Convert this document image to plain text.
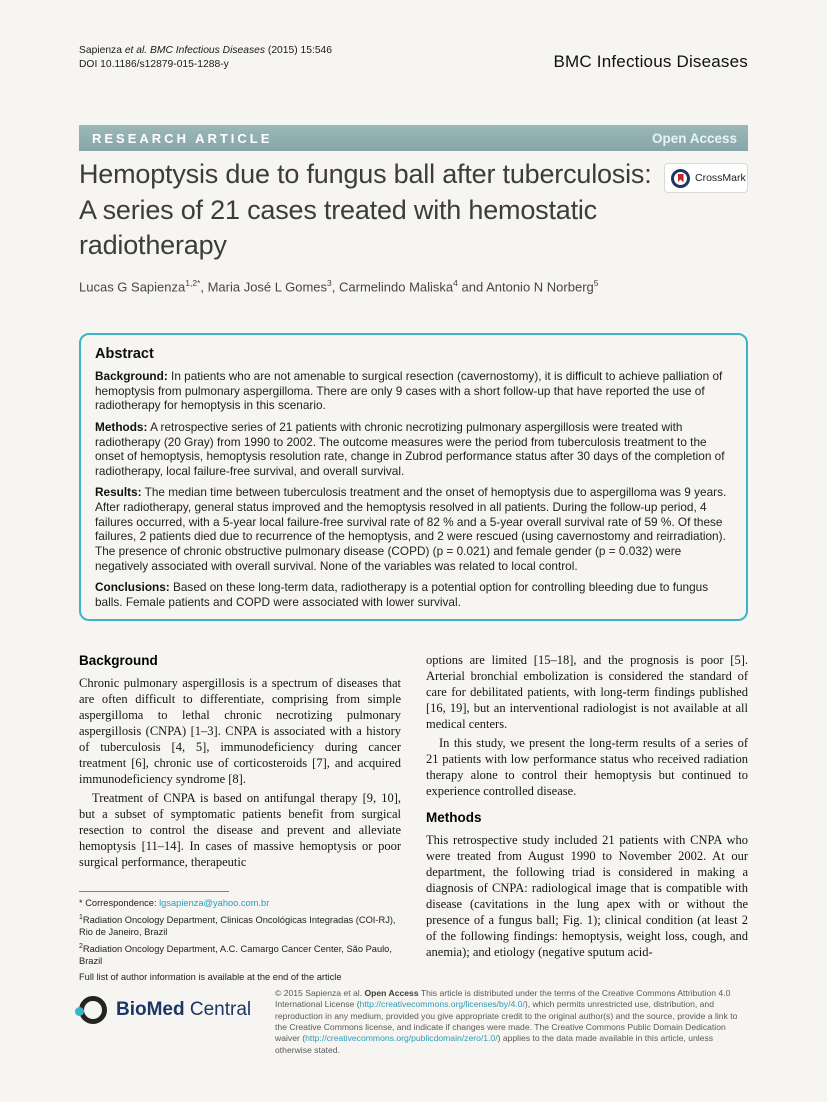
Sapienza et al. BMC Infectious Diseases (2015) 15:546
DOI 10.1186/s12879-015-1288-y	BMC Infectious Diseases
RESEARCH ARTICLE	Open Access
Hemoptysis due to fungus ball after tuberculosis: A series of 21 cases treated with hemostatic radiotherapy
CrossMark

Lucas G Sapienza$^{1,2*}$, Maria José L Gomes$^3$, Carmelindo Maliska$^4$ and Antonio N Norberg$^5$

Abstract

Background: In patients who are not amenable to surgical resection (cavernostomy), it is difficult to achieve palliation of hemoptysis from pulmonary aspergilloma. There are only 9 cases with a short follow-up that have reported the use of radiotherapy for hemoptysis in this scenario.

Methods: A retrospective series of 21 patients with chronic necrotizing pulmonary aspergillosis were treated with radiotherapy (20 Gray) from 1990 to 2002. The outcome measures were the period from tuberculosis treatment to the onset of hemoptysis, hemoptysis resolution rate, change in Zubrod performance status after 30 days of the completion of radiotherapy, local failure-free survival, and overall survival.

Results: The median time between tuberculosis treatment and the onset of hemoptysis due to aspergilloma was 9 years. After radiotherapy, general status improved and the hemoptysis resolved in all patients. During the follow-up period, 4 failures occurred, with a 5-year local failure-free survival rate of 82 % and a 5-year overall survival rate of 59 %. Of these failures, 2 patients died due to recurrence of the hemoptysis, and 2 were rescued (using cavernostomy and reirradiation). The presence of chronic obstructive pulmonary disease (COPD) (p = 0.021) and female gender (p = 0.032) were negatively associated with overall survival. None of the variables was related to local control.

Conclusions: Based on these long-term data, radiotherapy is a potential option for controlling bleeding due to fungus balls. Female patients and COPD were associated with lower survival.

Background

Chronic pulmonary aspergillosis is a spectrum of diseases that are often difficult to differentiate, comprising from simple aspergilloma to lethal chronic necrotizing pulmonary aspergillosis (CNPA) [1–3]. CNPA is associated with a history of tuberculosis [4, 5], immunodeficiency during cancer treatment [6], chronic use of corticosteroids [7], and acquired immunodeficiency syndrome [8].

Treatment of CNPA is based on antifungal therapy [9, 10], but a subset of symptomatic patients benefit from surgical resection to control the disease and prevent and alleviate hemoptysis [11–14]. In cases of massive hemoptysis or poor surgical performance, therapeutic

* Correspondence: lgsapienza@yahoo.com.br

$^1$Radiation Oncology Department, Clinicas Oncológicas Integradas (COI-RJ), Rio de Janeiro, Brazil

$^2$Radiation Oncology Department, A.C. Camargo Cancer Center, São Paulo, Brazil

Full list of author information is available at the end of the article

options are limited [15–18], and the prognosis is poor [5]. Arterial bronchial embolization is considered the standard of care for debilitated patients, with long-term findings published [16, 19], but an interventional radiologist is not available at all medical centers.

In this study, we present the long-term results of a series of 21 patients with low performance status who received radiation therapy alone to control their hemoptysis but continued to experience controlled disease.

Methods

This retrospective study included 21 patients with CNPA who were treated from August 1990 to November 2002. At our department, the following triad is considered in making a diagnosis of CNPA: radiological image that is compatible with disease (cavitations in the lung apex with or without the presence of a fungus ball; Fig. 1); clinical condition (at least 2 of the following findings: hemoptysis, weight loss, cough, and anemia); and etiology (negative sputum acid-

BioMed Central

© 2015 Sapienza et al. Open Access This article is distributed under the terms of the Creative Commons Attribution 4.0 International License (http://creativecommons.org/licenses/by/4.0/), which permits unrestricted use, distribution, and reproduction in any medium, provided you give appropriate credit to the original author(s) and the source, provide a link to the Creative Commons license, and indicate if changes were made. The Creative Commons Public Domain Dedication waiver (http://creativecommons.org/publicdomain/zero/1.0/) applies to the data made available in this article, unless otherwise stated.
